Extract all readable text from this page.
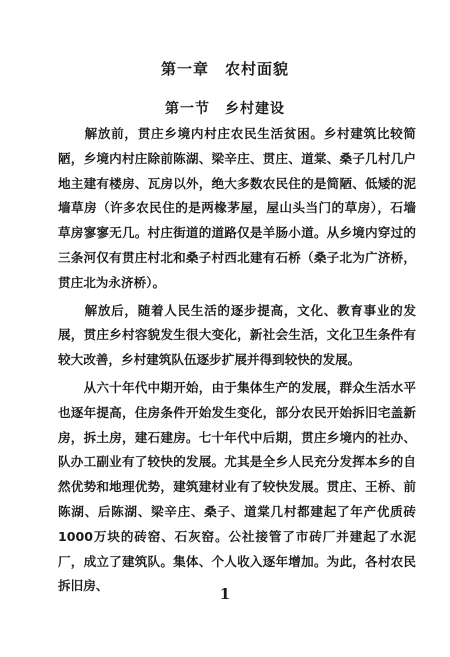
第一章　农村面貌
第一节　乡村建设

　　解放前，贯庄乡境内村庄农民生活贫困。乡村建筑比较简陋，乡境内村庄除前陈湖、梁辛庄、贯庄、道棠、桑子几村几户地主建有楼房、瓦房以外，绝大多数农民住的是简陋、低矮的泥墙草房（许多农民住的是两椽茅屋，屋山头当门的草房），石墙草房寥寥无几。村庄街道的道路仅是羊肠小道。从乡境内穿过的三条河仅有贯庄村北和桑子村西北建有石桥（桑子北为广济桥，贯庄北为永济桥）。

　　解放后，随着人民生活的逐步提高，文化、教育事业的发展，贯庄乡村容貌发生很大变化，新社会生活，文化卫生条件有较大改善，乡村建筑队伍逐步扩展并得到较快的发展。

　　从六十年代中期开始，由于集体生产的发展，群众生活水平也逐年提高，住房条件开始发生变化，部分农民开始拆旧宅盖新房，拆土房，建石建房。七十年代中后期，贯庄乡境内的社办、队办工副业有了较快的发展。尤其是全乡人民充分发挥本乡的自然优势和地理优势，建筑建材业有了较快发展。贯庄、王桥、前陈湖、后陈湖、梁辛庄、桑子、道棠几村都建起了年产优质砖1000万块的砖窑、石灰窑。公社接管了市砖厂并建起了水泥厂，成立了建筑队。集体、个人收入逐年增加。为此，各村农民拆旧房、	1
